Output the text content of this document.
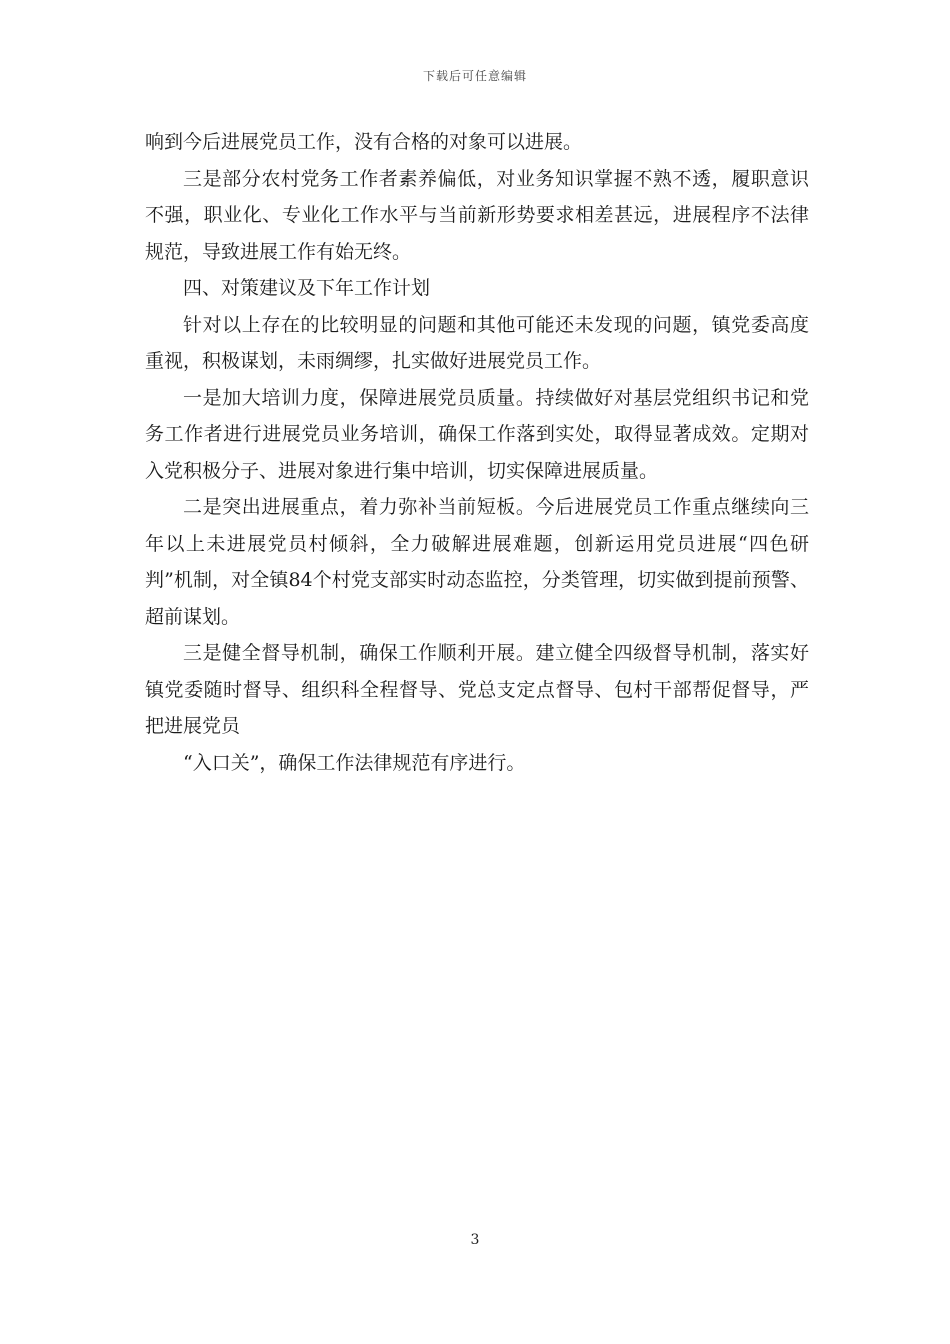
下载后可任意编辑

响到今后进展党员工作，没有合格的对象可以进展。

三是部分农村党务工作者素养偏低，对业务知识掌握不熟不透，履职意识不强，职业化、专业化工作水平与当前新形势要求相差甚远，进展程序不法律规范，导致进展工作有始无终。

四、对策建议及下年工作计划

针对以上存在的比较明显的问题和其他可能还未发现的问题，镇党委高度重视，积极谋划，未雨绸缪，扎实做好进展党员工作。

一是加大培训力度，保障进展党员质量。持续做好对基层党组织书记和党务工作者进行进展党员业务培训，确保工作落到实处，取得显著成效。定期对入党积极分子、进展对象进行集中培训，切实保障进展质量。

二是突出进展重点，着力弥补当前短板。今后进展党员工作重点继续向三年以上未进展党员村倾斜，全力破解进展难题，创新运用党员进展“四色研判”机制，对全镇84个村党支部实时动态监控，分类管理，切实做到提前预警、超前谋划。

三是健全督导机制，确保工作顺利开展。建立健全四级督导机制，落实好镇党委随时督导、组织科全程督导、党总支定点督导、包村干部帮促督导，严把进展党员

“入口关”，确保工作法律规范有序进行。

3
